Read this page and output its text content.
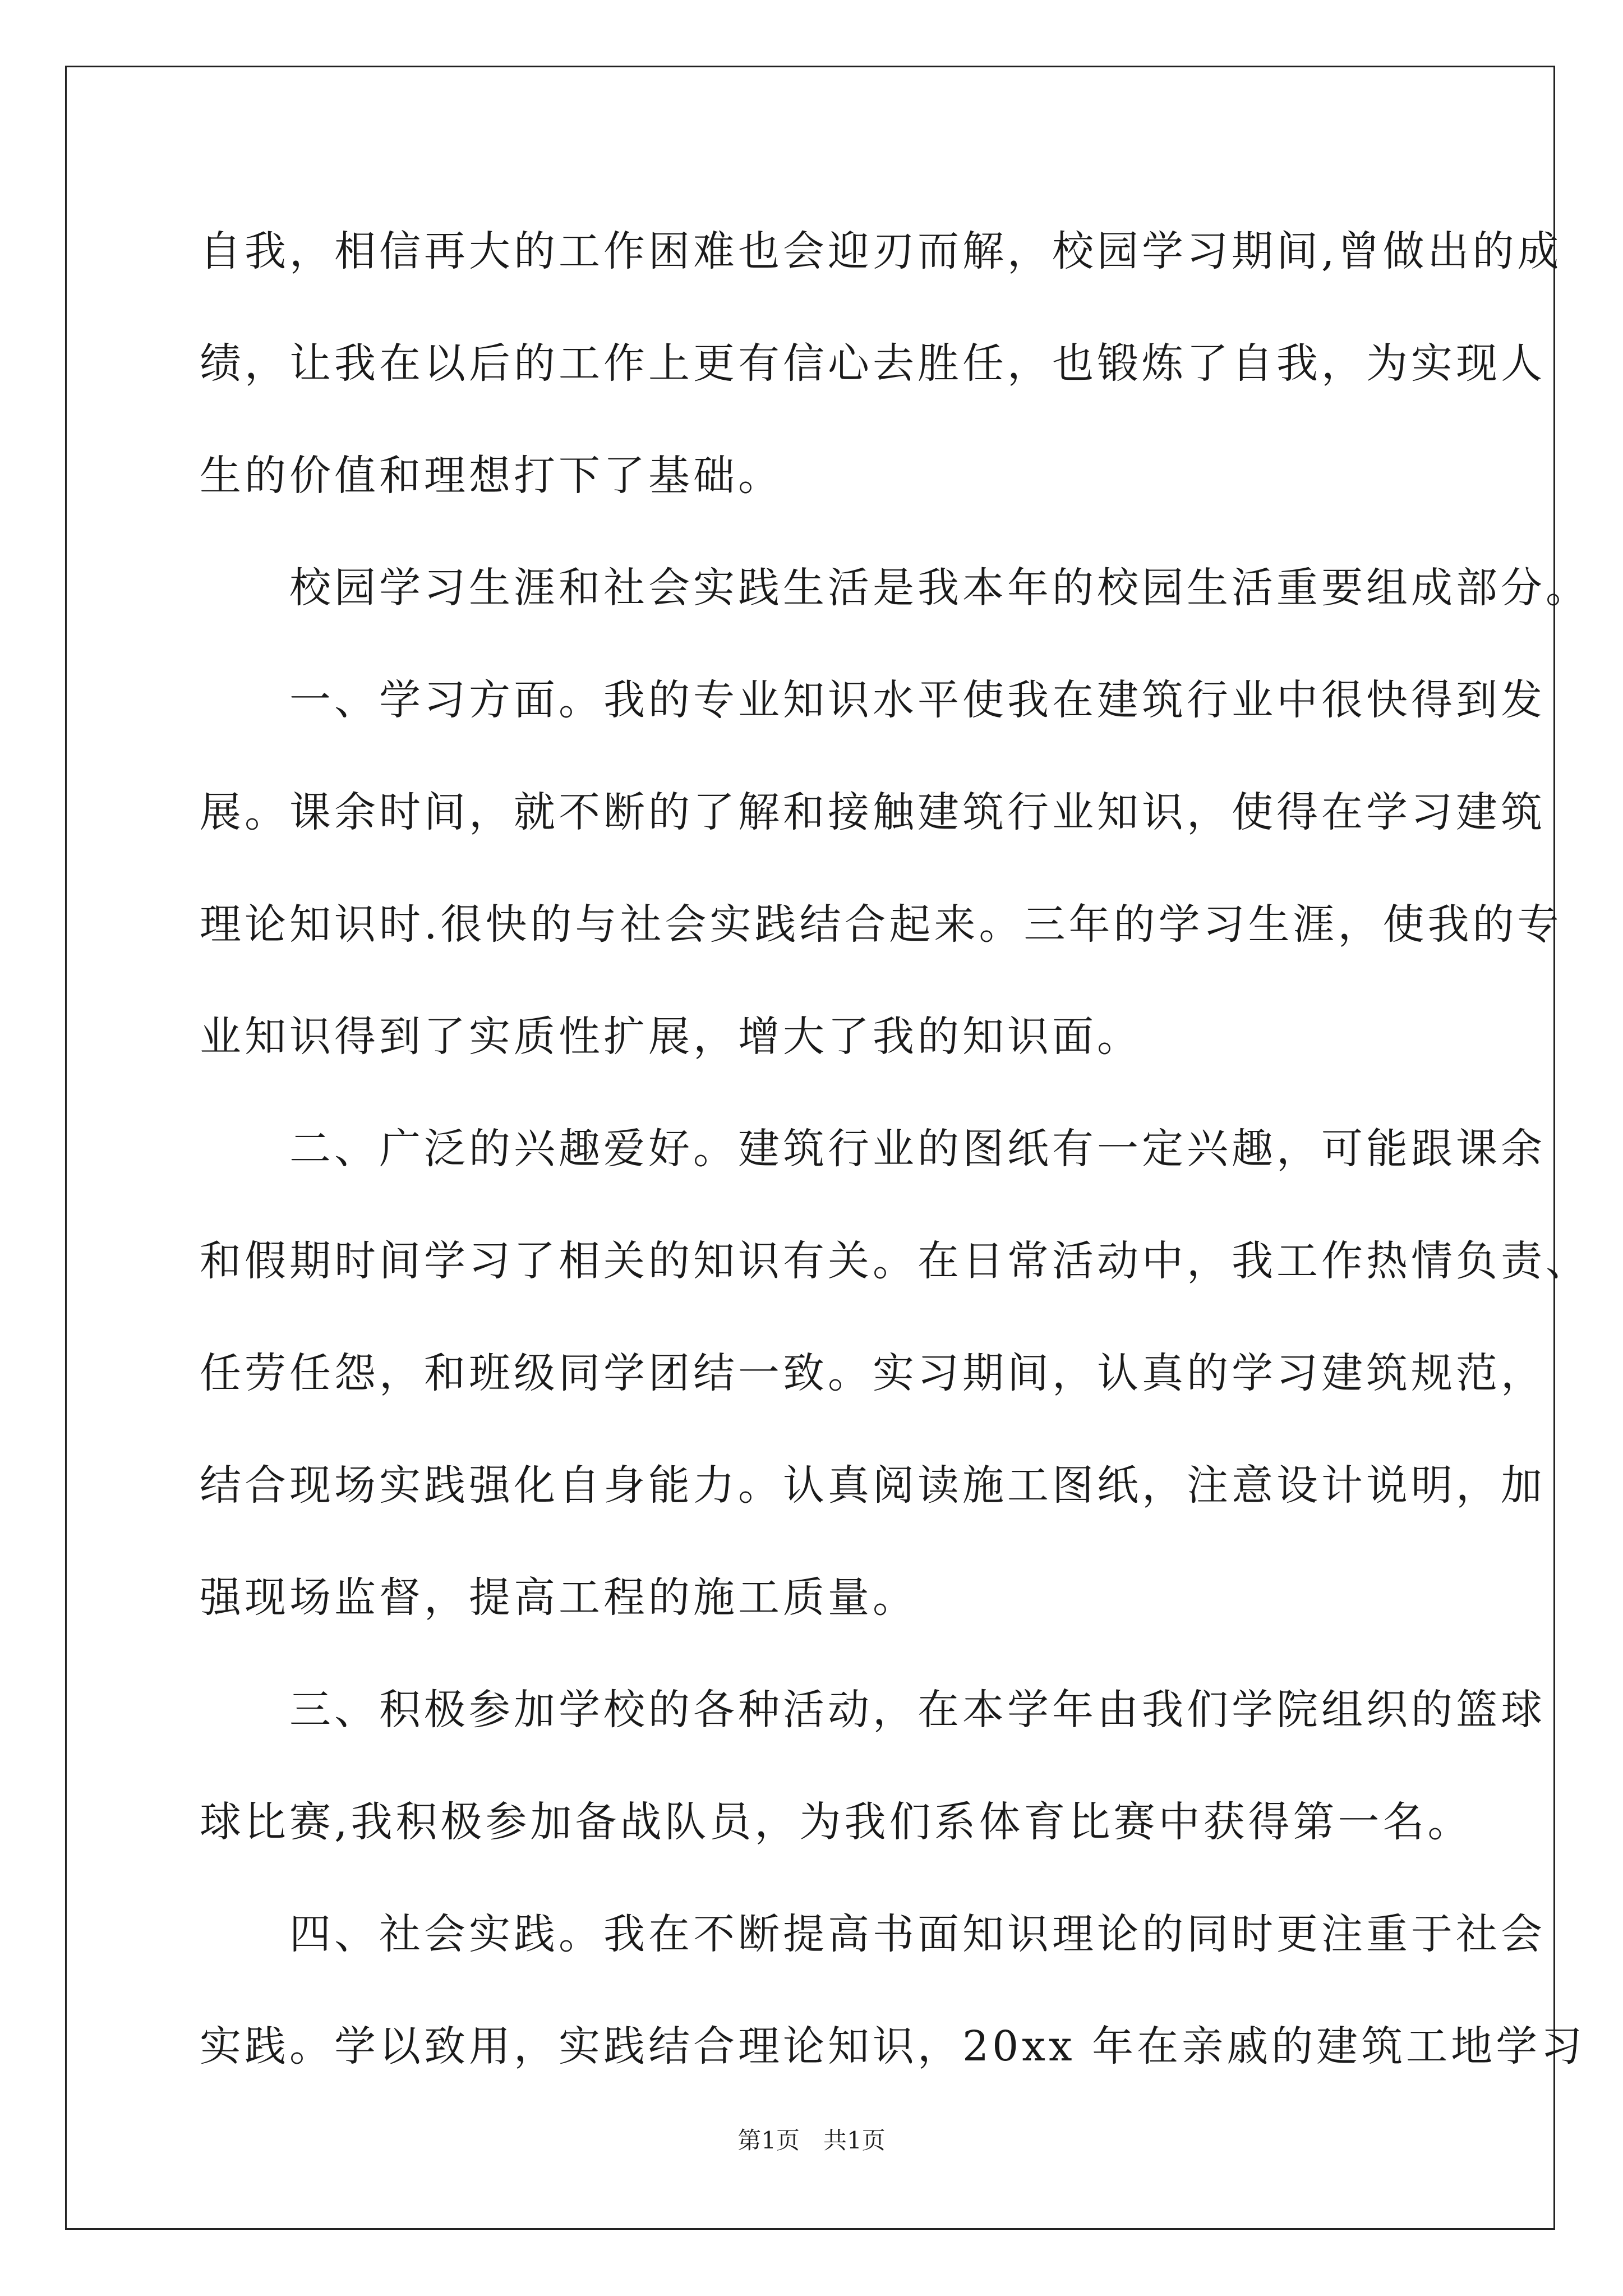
自我，相信再大的工作困难也会迎刃而解，校园学习期间,曾做出的成
绩，让我在以后的工作上更有信心去胜任，也锻炼了自我，为实现人
生的价值和理想打下了基础。
　　校园学习生涯和社会实践生活是我本年的校园生活重要组成部分。
　　一、学习方面。我的专业知识水平使我在建筑行业中很快得到发
展。课余时间，就不断的了解和接触建筑行业知识，使得在学习建筑
理论知识时.很快的与社会实践结合起来。三年的学习生涯，使我的专
业知识得到了实质性扩展，增大了我的知识面。
　　二、广泛的兴趣爱好。建筑行业的图纸有一定兴趣，可能跟课余
和假期时间学习了相关的知识有关。在日常活动中，我工作热情负责、
任劳任怨，和班级同学团结一致。实习期间，认真的学习建筑规范，
结合现场实践强化自身能力。认真阅读施工图纸，注意设计说明，加
强现场监督，提高工程的施工质量。
　　三、积极参加学校的各种活动，在本学年由我们学院组织的篮球
球比赛,我积极参加备战队员，为我们系体育比赛中获得第一名。
　　四、社会实践。我在不断提高书面知识理论的同时更注重于社会
实践。学以致用，实践结合理论知识，20xx 年在亲戚的建筑工地学习
第1页　共1页
